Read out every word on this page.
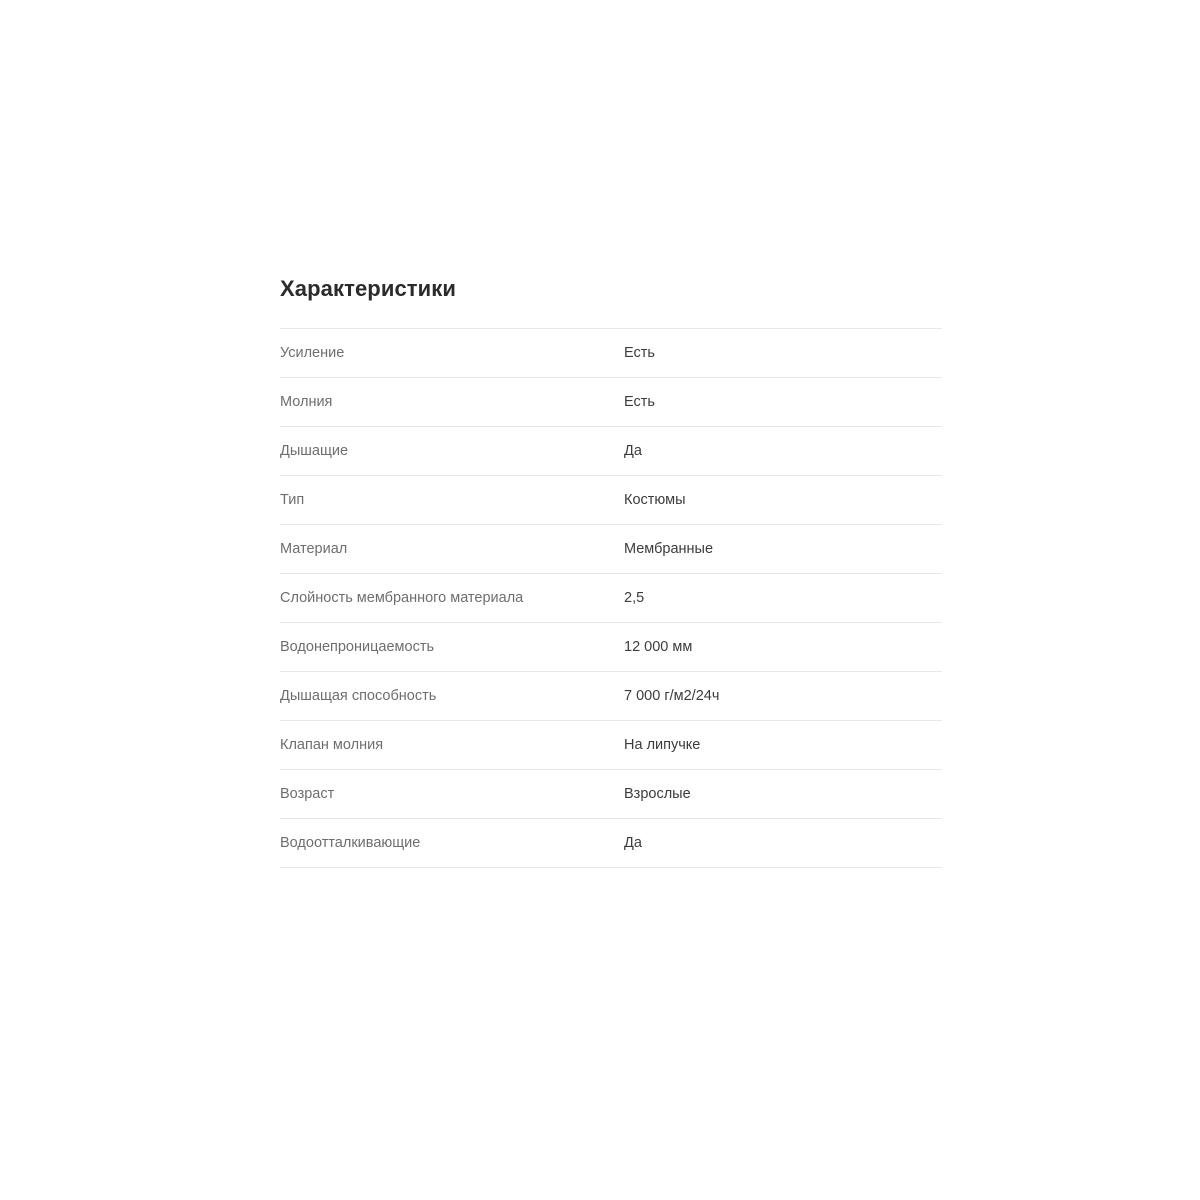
Характеристики
Усиление	Есть
Молния	Есть
Дышащие	Да
Тип	Костюмы
Материал	Мембранные
Слойность мембранного материала	2,5
Водонепроницаемость	12 000 мм
Дышащая способность	7 000 г/м2/24ч
Клапан молния	На липучке
Возраст	Взрослые
Водоотталкивающие	Да
